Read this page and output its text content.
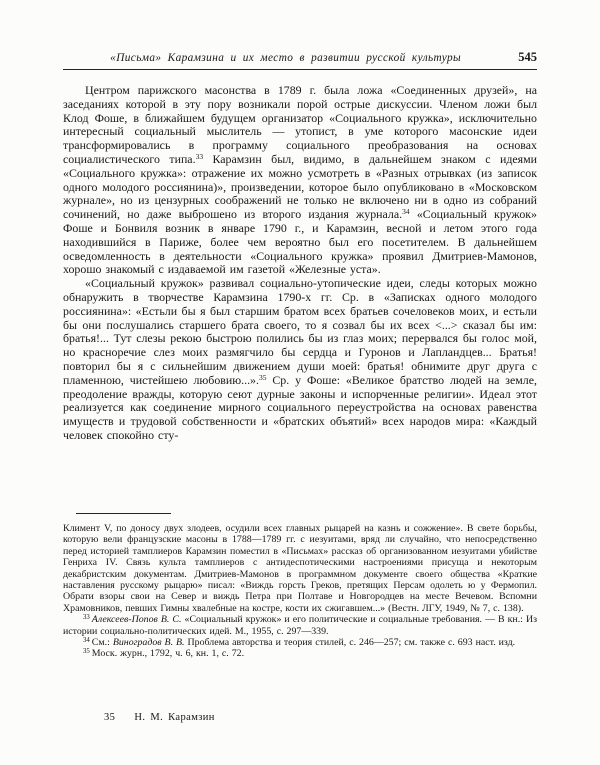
«Письма» Карамзина и их место в развитии русской культуры	545

Центром парижского масонства в 1789 г. была ложа «Соединенных друзей», на заседаниях которой в эту пору возникали порой острые дискуссии. Членом ложи был Клод Фоше, в ближайшем будущем организатор «Социального кружка», исключительно интересный социальный мыслитель — утопист, в уме которого масонские идеи трансформировались в программу социального преобразования на основах социалистического типа.$^{33}$ Карамзин был, видимо, в дальнейшем знаком с идеями «Социального кружка»: отражение их можно усмотреть в «Разных отрывках (из записок одного молодого россиянина)», произведении, которое было опубликовано в «Московском журнале», но из цензурных соображений не только не включено ни в одно из собраний сочинений, но даже выброшено из второго издания журнала.$^{34}$ «Социальный кружок» Фоше и Бонвиля возник в январе 1790 г., и Карамзин, весной и летом этого года находившийся в Париже, более чем вероятно был его посетителем. В дальнейшем осведомленность в деятельности «Социального кружка» проявил Дмитриев-Мамонов, хорошо знакомый с издаваемой им газетой «Железные уста».

«Социальный кружок» развивал социально-утопические идеи, следы которых можно обнаружить в творчестве Карамзина 1790-х гг. Ср. в «Записках одного молодого россиянина»: «Естьли бы я был старшим братом всех братьев сочеловеков моих, и естьли бы они послушались старшего брата своего, то я созвал бы их всех <...> сказал бы им: братья!... Тут слезы рекою быстрою полились бы из глаз моих; перервался бы голос мой, но красноречие слез моих размягчило бы сердца и Гуронов и Лапландцев... Братья! повторил бы я с сильнейшим движением души моей: братья! обнимите друг друга с пламенною, чистейшею любовию...».$^{35}$ Ср. у Фоше: «Великое братство людей на земле, преодоление вражды, которую сеют дурные законы и испорченные религии». Идеал этот реализуется как соединение мирного социального переустройства на основах равенства имуществ и трудовой собственности и «братских объятий» всех народов мира: «Каждый человек спокойно сту-

Климент V, по доносу двух злодеев, осудили всех главных рыцарей на казнь и сожжение». В свете борьбы, которую вели французские масоны в 1788—1789 гг. с иезуитами, вряд ли случайно, что непосредственно перед историей тамплиеров Карамзин поместил в «Письмах» рассказ об организованном иезуитами убийстве Генриха IV. Связь культа тамплиеров с антидеспотическими настроениями присуща и некоторым декабристским документам. Дмитриев-Мамонов в программном документе своего общества «Краткие наставления русскому рыцарю» писал: «Виждь горсть Греков, претящих Персам одолеть ю у Фермопил. Обрати взоры свои на Север и виждь Петра при Полтаве и Новгородцев на месте Вечевом. Вспомни Храмовников, певших Гимны хвалебные на костре, кости их сжигавшем...» (Вестн. ЛГУ, 1949, № 7, с. 138).

$^{33}$ Алексеев-Попов В. С. «Социальный кружок» и его политические и социальные требования. — В кн.: Из истории социально-политических идей. М., 1955, с. 297—339.

$^{34}$ См.: Виноградов В. В. Проблема авторства и теория стилей, с. 246—257; см. также с. 693 наст. изд.

$^{35}$ Моск. журн., 1792, ч. 6, кн. 1, с. 72.

35 Н. М. Карамзин
